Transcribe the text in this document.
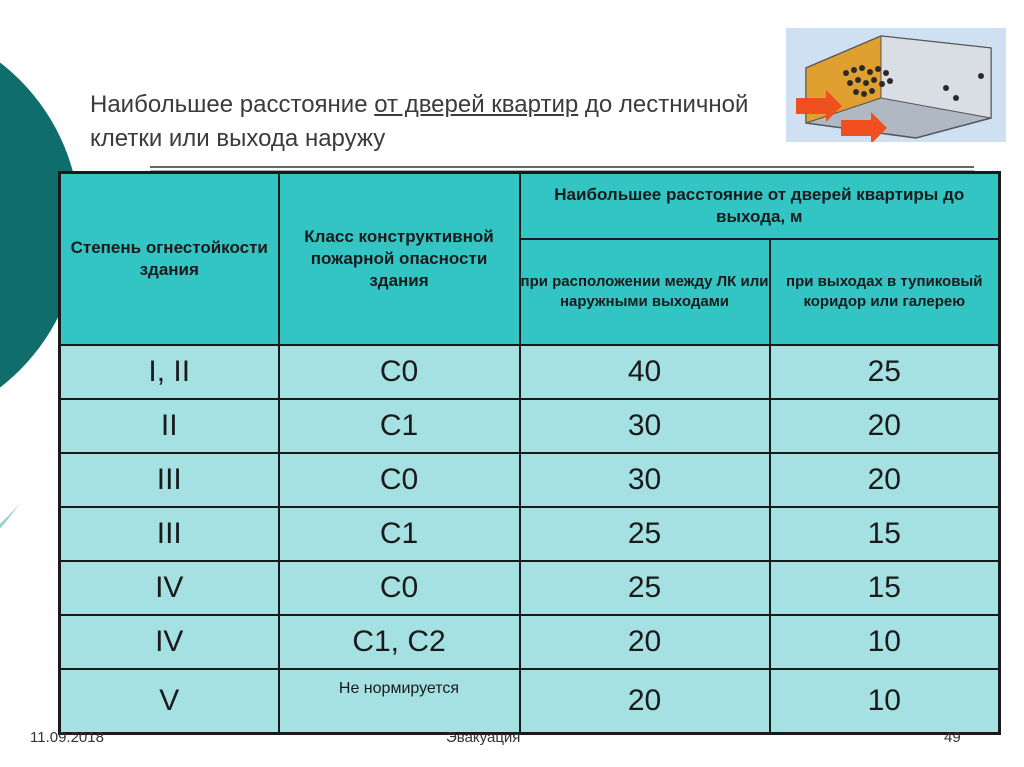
Наибольшее расстояние от дверей квартир до лестничной клетки или выхода наружу
Степень огнестойкости здания	Класс конструктивной пожарной опасности здания	Наибольшее расстояние от дверей квартиры до выхода, м	
		при расположении между ЛК или наружными выходами	при выходах в тупиковый коридор или галерею
I, II	С0	40	25
II	С1	30	20
III	С0	30	20
III	С1	25	15
IV	С0	25	15
IV	С1, С2	20	10
V	Не нормируется	20	10
11.09.2018	Эвакуация	49
